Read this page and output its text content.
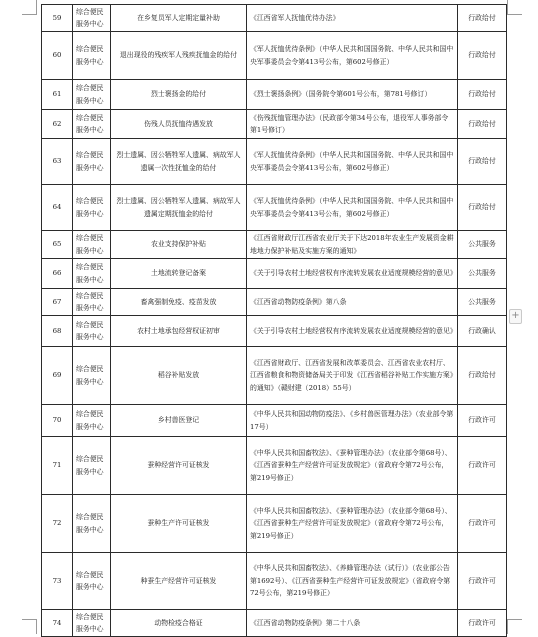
59	综合便民服务中心	在乡复员军人定期定量补助	《江西省军人抚恤优待办法》	行政给付
60	综合便民服务中心	退出现役的残疾军人残疾抚恤金的给付	《军人抚恤优待条例》（中华人民共和国国务院、中华人民共和国中央军事委员会令第413号公布，第602号修正）	行政给付
61	综合便民服务中心	烈士褒扬金的给付	《烈士褒扬条例》（国务院令第601号公布，第781号修订）	行政给付
62	综合便民服务中心	伤残人员抚恤待遇发放	《伤残抚恤管理办法》（民政部令第34号公布，退役军人事务部令第1号修订）	行政给付
63	综合便民服务中心	烈士遗属、因公牺牲军人遗属、病故军人遗属一次性抚恤金的给付	《军人抚恤优待条例》（中华人民共和国国务院、中华人民共和国中央军事委员会令第413号公布，第602号修正）	行政给付
64	综合便民服务中心	烈士遗属、因公牺牲军人遗属、病故军人遗属定期抚恤金的给付	《军人抚恤优待条例》（中华人民共和国国务院、中华人民共和国中央军事委员会令第413号公布，第602号修正）	行政给付
65	综合便民服务中心	农业支持保护补贴	《江西省财政厅江西省农业厅关于下达2018年农业生产发展资金耕地地力保护补贴及实施方案的通知》	公共服务
66	综合便民服务中心	土地流转登记备案	《关于引导农村土地经营权有序流转发展农业适度规模经营的意见》	公共服务
67	综合便民服务中心	畜禽强制免疫、疫苗发放	《江西省动物防疫条例》第八条	公共服务
68	综合便民服务中心	农村土地承包经营权证初审	《关于引导农村土地经营权有序流转发展农业适度规模经营的意见》	行政确认
69	综合便民服务中心	稻谷补贴发放	《江西省财政厅、江西省发展和改革委员会、江西省农业农村厅、江西省粮食和物资储备局关于印发《江西省稻谷补贴工作实施方案》的通知》（赣财建（2018）55号）	行政给付
70	综合便民服务中心	乡村兽医登记	《中华人民共和国动物防疫法》、《乡村兽医管理办法》（农业部令第17号）	行政许可
71	综合便民服务中心	蚕种经营许可证核发	《中华人民共和国畜牧法》、《蚕种管理办法》（农业部令第68号）、《江西省蚕种生产经营许可证发放规定》（省政府令第72号公布，第219号修正）	行政许可
72	综合便民服务中心	蚕种生产许可证核发	《中华人民共和国畜牧法》、《蚕种管理办法》（农业部令第68号）、《江西省蚕种生产经营许可证发放规定》（省政府令第72号公布，第219号修正）	行政许可
73	综合便民服务中心	种蚕生产经营许可证核发	《中华人民共和国畜牧法》、《养蜂管理办法（试行）》（农业部公告第1692号）、《江西省蚕种生产经营许可证发放规定》（省政府令第72号公布，第219号修正）	行政许可
74	综合便民服务中心	动物检疫合格证	《江西省动物防疫条例》第二十八条	行政许可
+
